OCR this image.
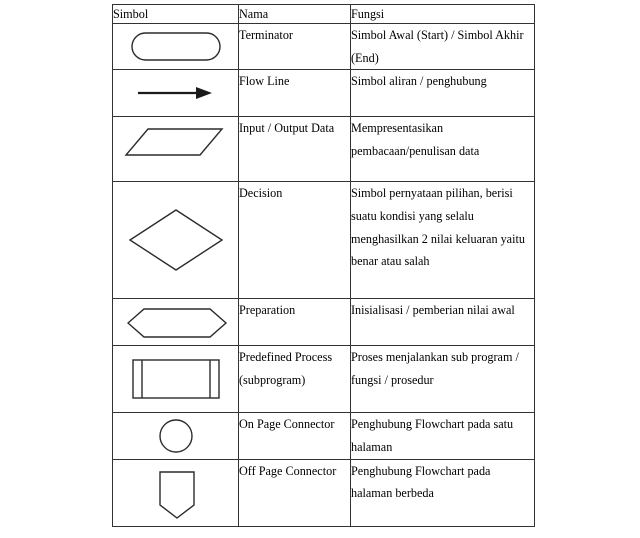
Simbol	Nama	Fungsi

	Terminator	Simbol Awal (Start) / Simbol Akhir (End)

	Flow Line	Simbol aliran / penghubung

	Input / Output Data	Mempresentasikan pembacaan/penulisan data

	Decision	Simbol pernyataan pilihan, berisi suatu kondisi yang selalu menghasilkan 2 nilai keluaran yaitu benar atau salah

	Preparation	Inisialisasi / pemberian nilai awal

	Predefined Process (subprogram)	Proses menjalankan sub program / fungsi / prosedur

	On Page Connector	Penghubung Flowchart pada satu halaman

	Off Page Connector	Penghubung Flowchart pada halaman berbeda
